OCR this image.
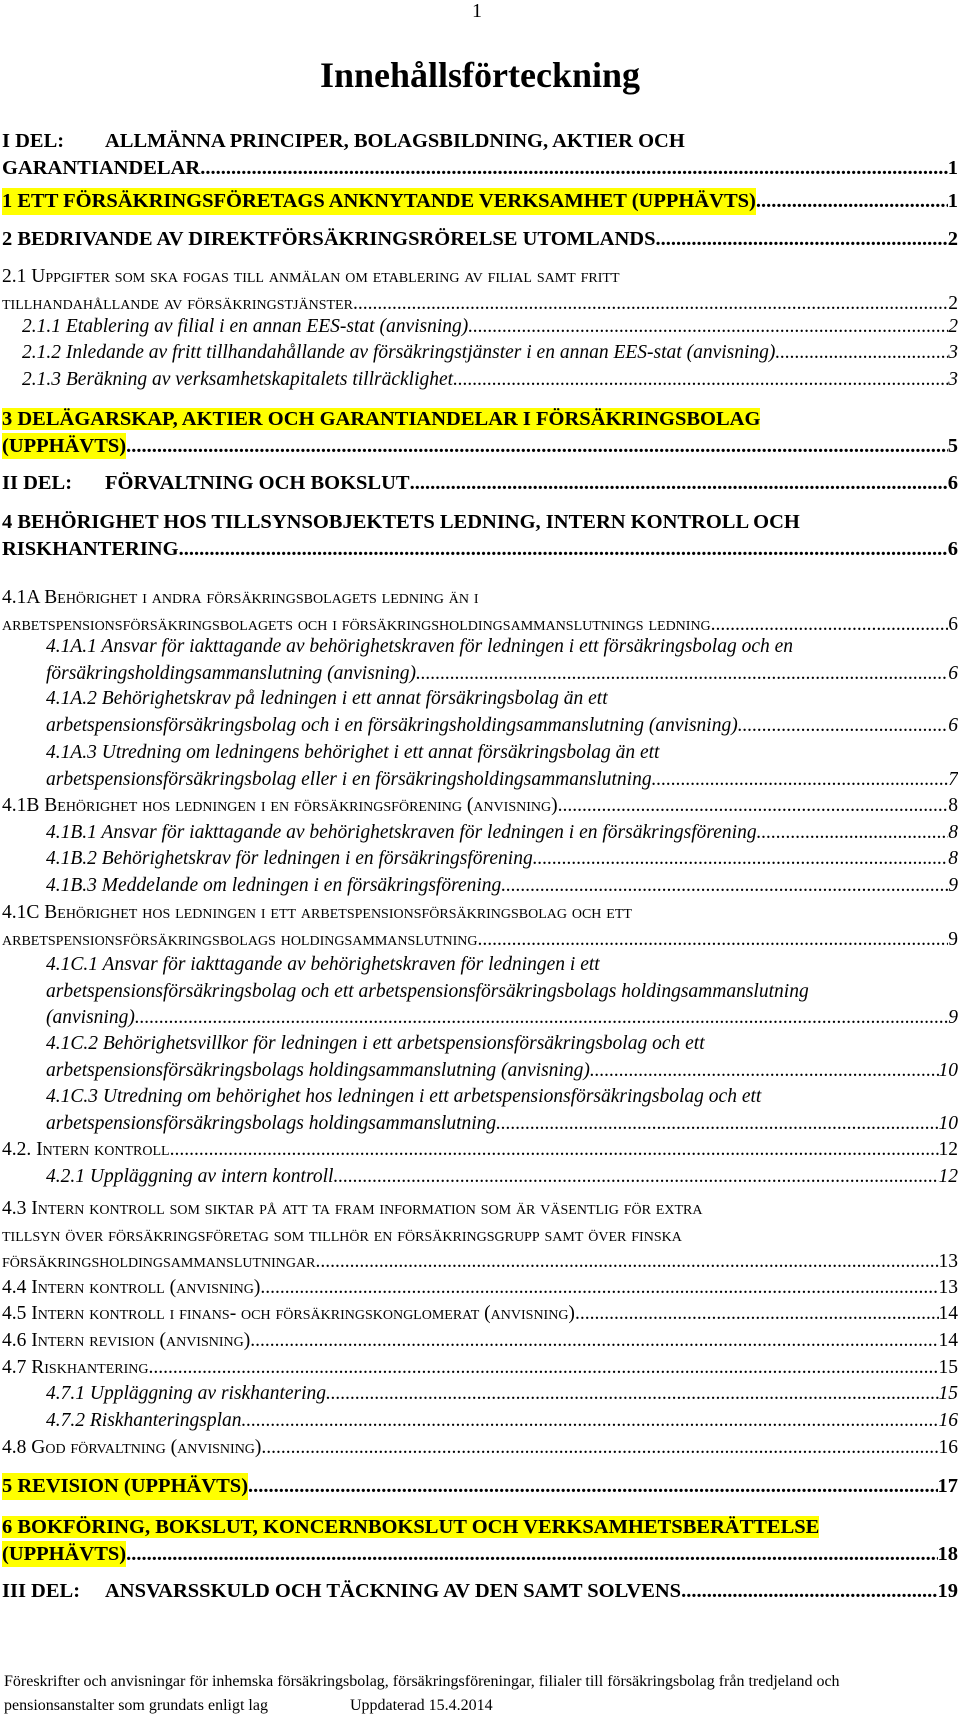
1
Innehållsförteckning
I DEL: ALLMÄNNA PRINCIPER, BOLAGSBILDNING, AKTIER OCH
GARANTIANDELAR .....	1
1 ETT FÖRSÄKRINGSFÖRETAGS ANKNYTANDE VERKSAMHET (UPPHÄVTS) .....	1
2 BEDRIVANDE AV DIREKTFÖRSÄKRINGSRÖRELSE UTOMLANDS .....	2
2.1 Uppgifter som ska fogas till anmälan om etablering av filial samt fritt
tillhandahållande av försäkringstjänster .....	2
2.1.1 Etablering av filial i en annan EES-stat (anvisning) .....	2
2.1.2 Inledande av fritt tillhandahållande av försäkringstjänster i en annan EES-stat (anvisning) .....	3
2.1.3 Beräkning av verksamhetskapitalets tillräcklighet .....	3
3 DELÄGARSKAP, AKTIER OCH GARANTIANDELAR I FÖRSÄKRINGSBOLAG
(UPPHÄVTS) .....	5
II DEL:	FÖRVALTNING OCH BOKSLUT .....	6
4 BEHÖRIGHET HOS TILLSYNSOBJEKTETS LEDNING, INTERN KONTROLL OCH
RISKHANTERING .....	6
4.1A Behörighet i andra försäkringsbolagets ledning än i
arbetspensionsförsäkringsbolagets och i försäkringsholdingsammanslutnings ledning .....	6
4.1A.1 Ansvar för iakttagande av behörighetskraven för ledningen i ett försäkringsbolag och en
försäkringsholdingsammanslutning (anvisning) .....	6
4.1A.2 Behörighetskrav på ledningen i ett annat försäkringsbolag än ett
arbetspensionsförsäkringsbolag och i en försäkringsholdingsammanslutning (anvisning) .....	6
4.1A.3 Utredning om ledningens behörighet i ett annat försäkringsbolag än ett
arbetspensionsförsäkringsbolag eller i en försäkringsholdingsammanslutning .....	7
4.1B Behörighet hos ledningen i en försäkringsförening (anvisning) .....	8
4.1B.1 Ansvar för iakttagande av behörighetskraven för ledningen i en försäkringsförening .....	8
4.1B.2 Behörighetskrav för ledningen i en försäkringsförening .....	8
4.1B.3 Meddelande om ledningen i en försäkringsförening .....	9
4.1C Behörighet hos ledningen i ett arbetspensionsförsäkringsbolag och ett
arbetspensionsförsäkringsbolags holdingsammanslutning .....	9
4.1C.1 Ansvar för iakttagande av behörighetskraven för ledningen i ett
arbetspensionsförsäkringsbolag och ett arbetspensionsförsäkringsbolags holdingsammanslutning
(anvisning) .....	9
4.1C.2 Behörighetsvillkor för ledningen i ett arbetspensionsförsäkringsbolag och ett
arbetspensionsförsäkringsbolags holdingsammanslutning (anvisning) .....	10
4.1C.3 Utredning om behörighet hos ledningen i ett arbetspensionsförsäkringsbolag och ett
arbetspensionsförsäkringsbolags holdingsammanslutning .....	10
4.2. Intern kontroll .....	12
4.2.1 Uppläggning av intern kontroll .....	12
4.3 Intern kontroll som siktar på att ta fram information som är väsentlig för extra
tillsyn över försäkringsföretag som tillhör en försäkringsgrupp samt över finska
försäkringsholdingsammanslutningar .....	13
4.4 Intern kontroll (anvisning) .....	13
4.5 Intern kontroll i finans- och försäkringskonglomerat (anvisning) .....	14
4.6 Intern revision (anvisning) .....	14
4.7 Riskhantering .....	15
4.7.1 Uppläggning av riskhantering .....	15
4.7.2 Riskhanteringsplan .....	16
4.8 God förvaltning (anvisning) .....	16
5 REVISION (UPPHÄVTS) .....	17
6 BOKFÖRING, BOKSLUT, KONCERNBOKSLUT OCH VERKSAMHETSBERÄTTELSE
(UPPHÄVTS) .....	18
III DEL:	ANSVARSSKULD OCH TÄCKNING AV DEN SAMT SOLVENS .....	19
Föreskrifter och anvisningar för inhemska försäkringsbolag, försäkringsföreningar, filialer till försäkringsbolag från tredjeland och
pensionsanstalter som grundats enligt lag	Uppdaterad 15.4.2014
